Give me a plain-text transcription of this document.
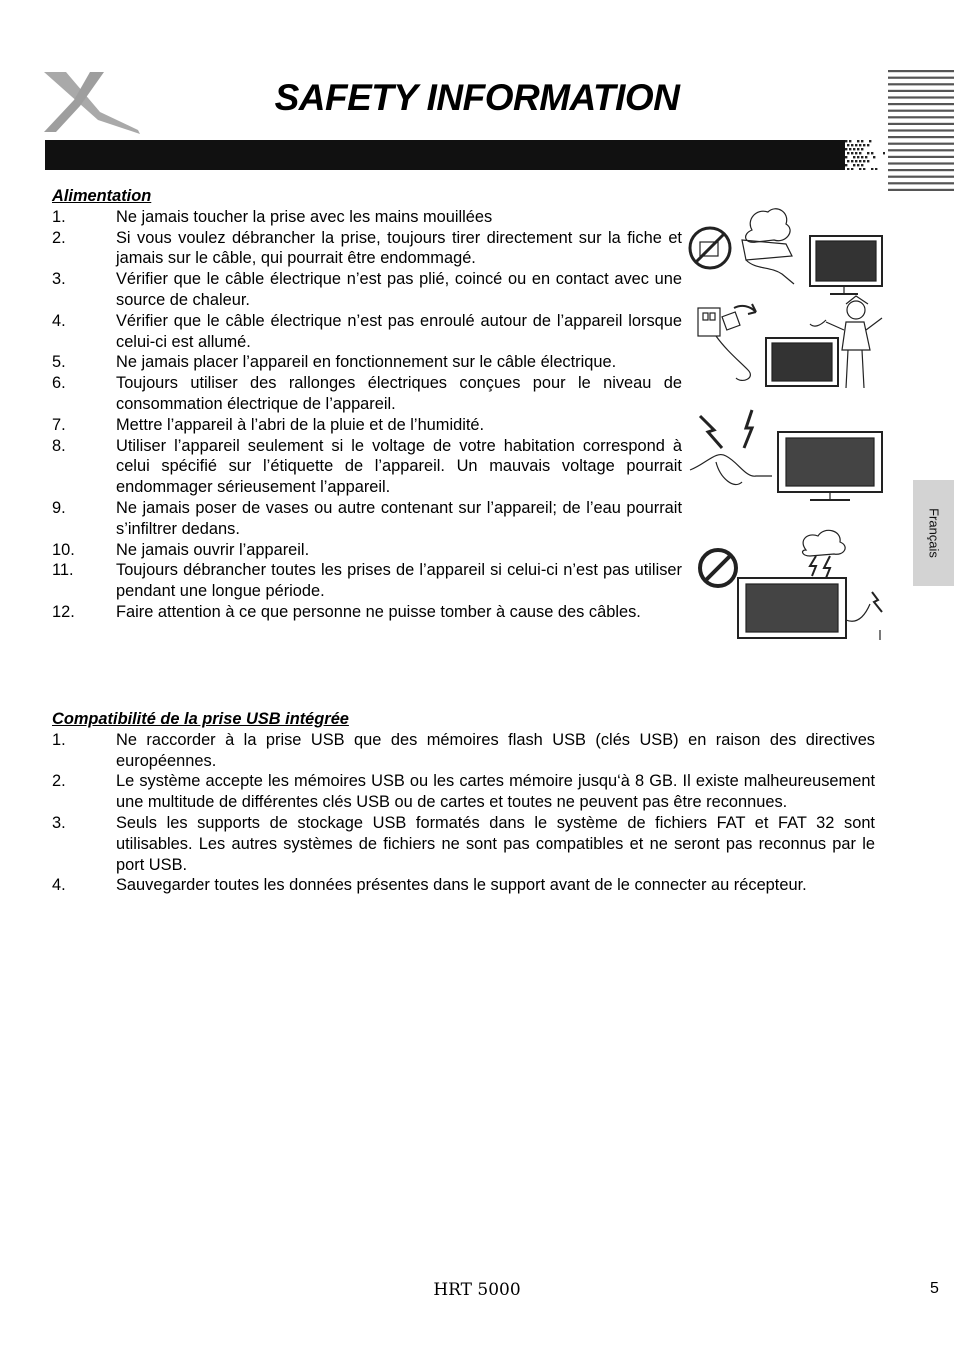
SAFETY INFORMATION
Français

Alimentation

1.	Ne jamais toucher la prise avec les mains mouillées
2.	Si vous voulez débrancher la prise, toujours tirer directement sur la fiche et jamais sur le câble, qui pourrait être endommagé.
3.	Vérifier que le câble électrique n’est pas plié, coincé ou en contact avec une source de chaleur.
4.	Vérifier que le câble électrique n’est pas enroulé autour de l’appareil lorsque celui-ci est allumé.
5.	Ne jamais placer l’appareil en fonctionnement sur le câble électrique.
6.	Toujours utiliser des rallonges électriques conçues pour le niveau de consommation électrique de l’appareil.
7.	Mettre l’appareil à l’abri de la pluie et de l’humidité.
8.	Utiliser l’appareil seulement si le voltage de votre habitation correspond à celui spécifié sur l’étiquette de l’appareil. Un mauvais voltage pourrait endommager sérieusement l’appareil.
9.	Ne jamais poser de vases ou autre contenant sur l’appareil; de l’eau pourrait s’infiltrer dedans.
10.	Ne jamais ouvrir l’appareil.
11.	Toujours débrancher toutes les prises de l’appareil si celui-ci n’est pas utiliser pendant une longue période.
12.	Faire attention à ce que personne ne puisse tomber à cause des câbles.

Compatibilité de la prise USB intégrée

1.	Ne raccorder à la prise USB que des mémoires flash USB (clés USB) en raison des directives européennes.
2.	Le système accepte les mémoires USB ou les cartes mémoire jusqu‘à 8 GB. Il existe malheureusement une multitude de différentes clés USB ou de cartes et toutes ne peuvent pas être reconnues.
3.	Seuls les supports de stockage USB formatés dans le système de fichiers FAT et FAT 32 sont utilisables. Les autres systèmes de fichiers ne sont pas compatibles et ne seront pas reconnus par le port USB.
4.	Sauvegarder toutes les données présentes dans le support avant de le connecter au récepteur.
HRT 5000	5
